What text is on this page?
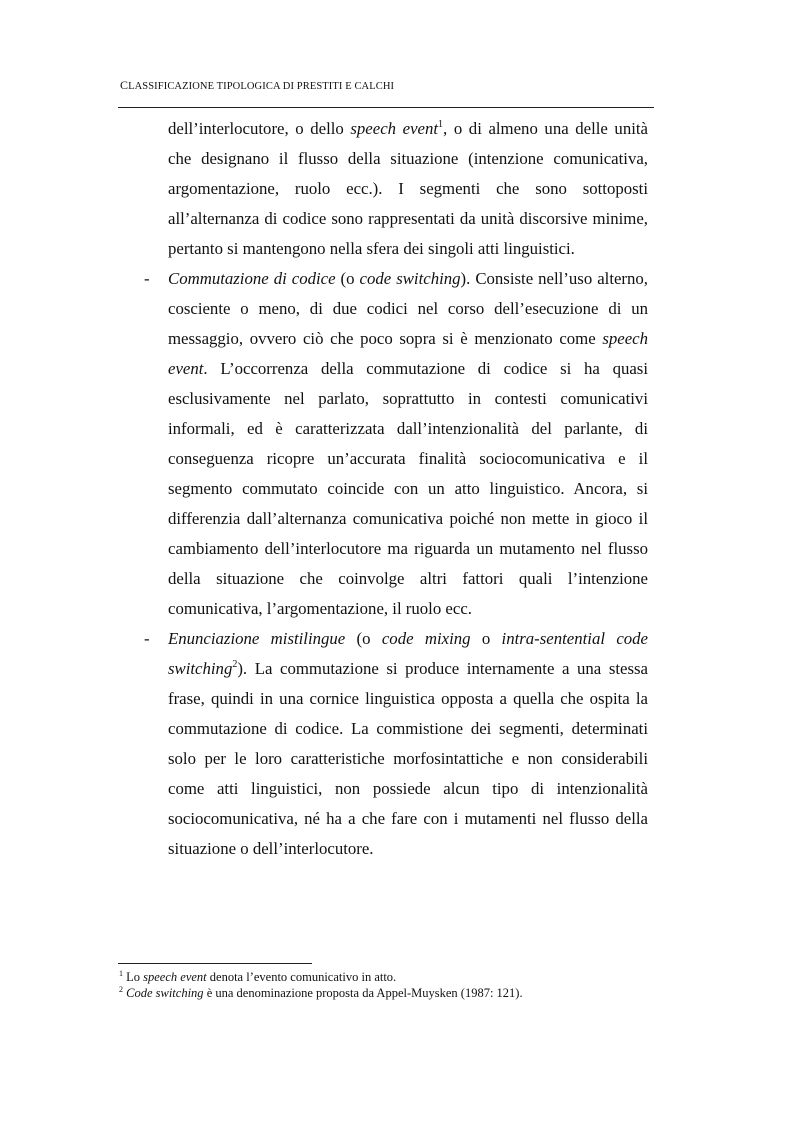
CLASSIFICAZIONE TIPOLOGICA DI PRESTITI E CALCHI

dell’interlocutore, o dello speech event$^1$, o di almeno una delle unità che designano il flusso della situazione (intenzione comunicativa, argomentazione, ruolo ecc.). I segmenti che sono sottoposti all’alternanza di codice sono rappresentati da unità discorsive minime, pertanto si mantengono nella sfera dei singoli atti linguistici.

- Commutazione di codice (o code switching). Consiste nell’uso alterno, cosciente o meno, di due codici nel corso dell’esecuzione di un messaggio, ovvero ciò che poco sopra si è menzionato come speech event. L’occorrenza della commutazione di codice si ha quasi esclusivamente nel parlato, soprattutto in contesti comunicativi informali, ed è caratterizzata dall’intenzionalità del parlante, di conseguenza ricopre un’accurata finalità sociocomunicativa e il segmento commutato coincide con un atto linguistico. Ancora, si differenzia dall’alternanza comunicativa poiché non mette in gioco il cambiamento dell’interlocutore ma riguarda un mutamento nel flusso della situazione che coinvolge altri fattori quali l’intenzione comunicativa, l’argomentazione, il ruolo ecc.

- Enunciazione mistilingue (o code mixing o intra-sentential code switching$^2$). La commutazione si produce internamente a una stessa frase, quindi in una cornice linguistica opposta a quella che ospita la commutazione di codice. La commistione dei segmenti, determinati solo per le loro caratteristiche morfosintattiche e non considerabili come atti linguistici, non possiede alcun tipo di intenzionalità sociocomunicativa, né ha a che fare con i mutamenti nel flusso della situazione o dell’interlocutore.

$^1$ Lo speech event denota l’evento comunicativo in atto.
$^2$ Code switching è una denominazione proposta da Appel-Muysken (1987: 121).
